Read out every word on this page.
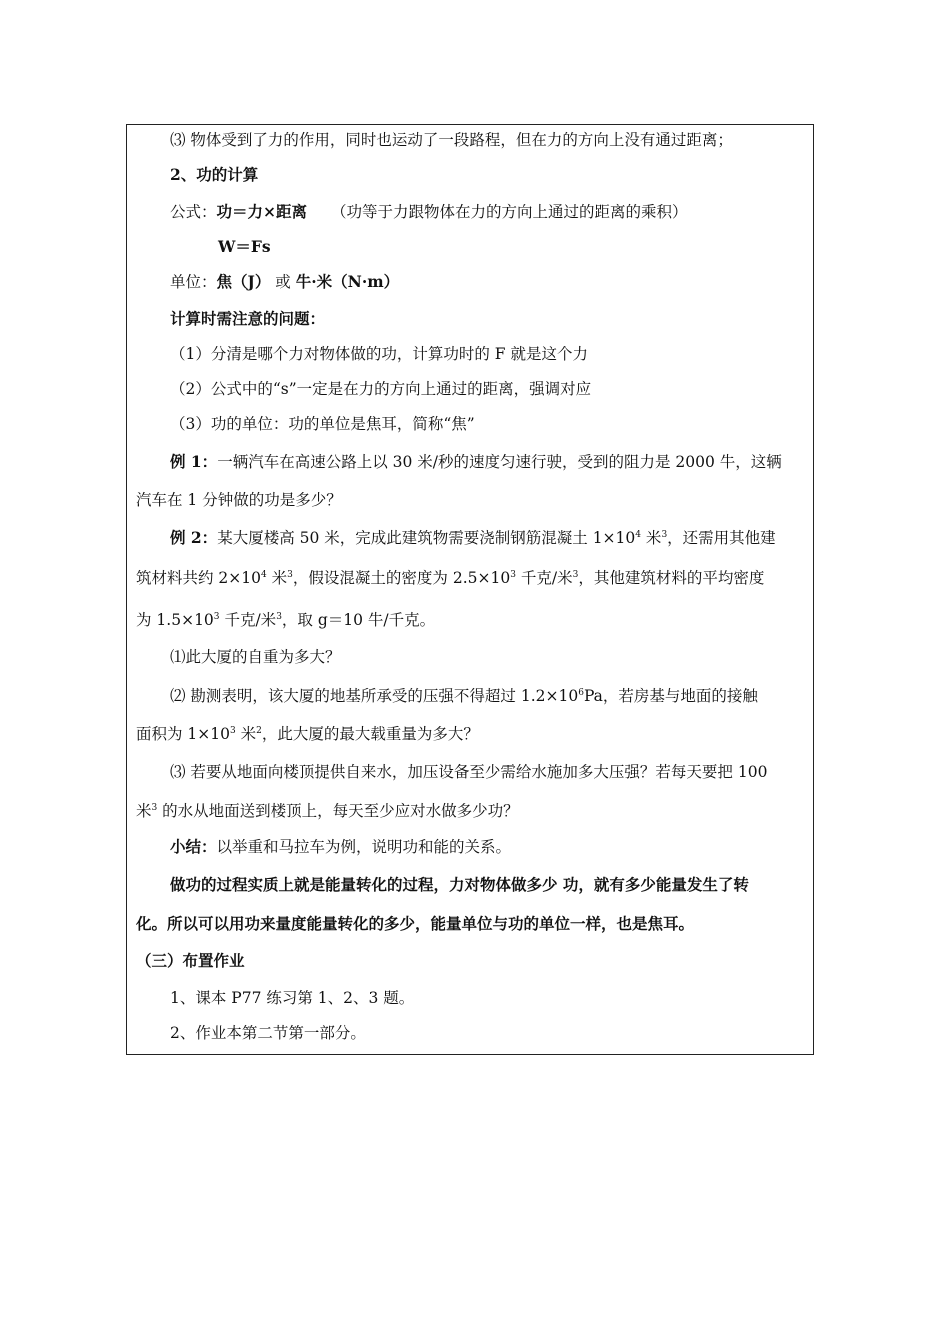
⑶ 物体受到了力的作用，同时也运动了一段路程，但在力的方向上没有通过距离；
2、功的计算
公式：功＝力×距离 （功等于力跟物体在力的方向上通过的距离的乘积）
W＝Fs
单位：焦（J） 或 牛·米（N·m）
计算时需注意的问题：
（1）分清是哪个力对物体做的功，计算功时的 F 就是这个力
（2）公式中的“s”一定是在力的方向上通过的距离，强调对应
（3）功的单位：功的单位是焦耳，简称“焦”
例 1：一辆汽车在高速公路上以 30 米/秒的速度匀速行驶，受到的阻力是 2000 牛，这辆
汽车在 1 分钟做的功是多少？
例 2：某大厦楼高 50 米，完成此建筑物需要浇制钢筋混凝土 $1\times 10^4$ 米$^3$，还需用其他建
筑材料共约 $2\times 10^4$ 米$^3$，假设混凝土的密度为 $2.5\times 10^3$ 千克/米$^3$，其他建筑材料的平均密度
为 $1.5\times 10^3$ 千克/米$^3$，取 g＝10 牛/千克。
⑴此大厦的自重为多大？
⑵ 勘测表明，该大厦的地基所承受的压强不得超过 $1.2\times 10^6Pa$，若房基与地面的接触
面积为 $1\times 10^3$ 米$^2$，此大厦的最大载重量为多大？
⑶ 若要从地面向楼顶提供自来水，加压设备至少需给水施加多大压强？若每天要把 100
米$^3$ 的水从地面送到楼顶上，每天至少应对水做多少功？
小结：以举重和马拉车为例，说明功和能的关系。
做功的过程实质上就是能量转化的过程，力对物体做多少 功，就有多少能量发生了转
化。所以可以用功来量度能量转化的多少，能量单位与功的单位一样，也是焦耳。
（三）布置作业
1、课本 P77 练习第 1、2、3 题。
2、作业本第二节第一部分。
